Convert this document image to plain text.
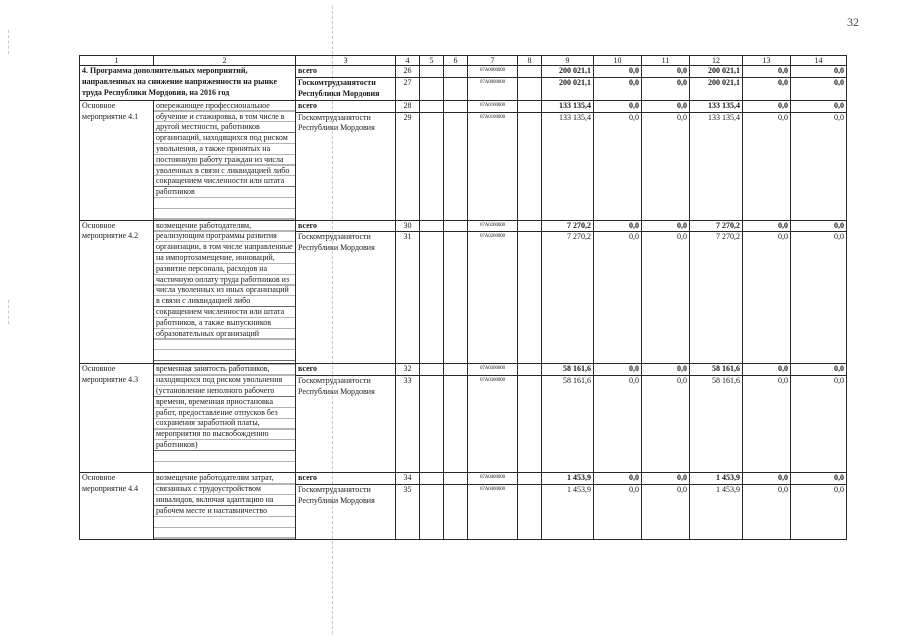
32
1	2	3	4	5	6	7	8	9	10	11	12	13	14
4. Программа дополнительных мероприятий, направленных на снижение напряженности на рынке труда Республики Мордовия, на 2016 год		всего	26			07А0000000		200 021,1	0,0	0,0	200 021,1	0,0	0,0
		Госкомтрудзанятости Республики Мордовия	27			07А0000000		200 021,1	0,0	0,0	200 021,1	0,0	0,0
Основное мероприятие 4.1	опережающее профессиональное обучение и стажировка, в том числе в другой местности, работников организаций, находящихся под риском увольнения, а также принятых на постоянную работу граждан из числа уволенных в связи с ликвидацией либо сокращением численности или штата работников	всего	28			07А0100000		133 135,4	0,0	0,0	133 135,4	0,0	0,0
		Госкомтрудзанятости Республики Мордовия	29			07А0100000		133 135,4	0,0	0,0	133 135,4	0,0	0,0
Основное мероприятие 4.2	возмещение работодателям, реализующим программы развития организации, в том числе направленные на импортозамещение, инноваций, развитие персонала, расходов на частичную оплату труда работников из числа уволенных из иных организаций в связи с ликвидацией либо сокращением численности или штата работников, а также выпускников образовательных организаций	всего	30			07А0200000		7 270,2	0,0	0,0	7 270,2	0,0	0,0
		Госкомтрудзанятости Республики Мордовия	31			07А0200000		7 270,2	0,0	0,0	7 270,2	0,0	0,0
Основное мероприятие 4.3	временная занятость работников, находящихся под риском увольнения (установление неполного рабочего времени, временная приостановка работ, предоставление отпусков без сохранения заработной платы, мероприятия по высвобождению работников)	всего	32			07А0300000		58 161,6	0,0	0,0	58 161,6	0,0	0,0
		Госкомтрудзанятости Республики Мордовия	33			07А0300000		58 161,6	0,0	0,0	58 161,6	0,0	0,0
Основное мероприятие 4.4	возмещение работодателям затрат, связанных с трудоустройством инвалидов, включая адаптацию на рабочем месте и наставничество	всего	34			07А0400000		1 453,9	0,0	0,0	1 453,9	0,0	0,0
		Госкомтрудзанятости Республики Мордовия	35			07А0400000		1 453,9	0,0	0,0	1 453,9	0,0	0,0
